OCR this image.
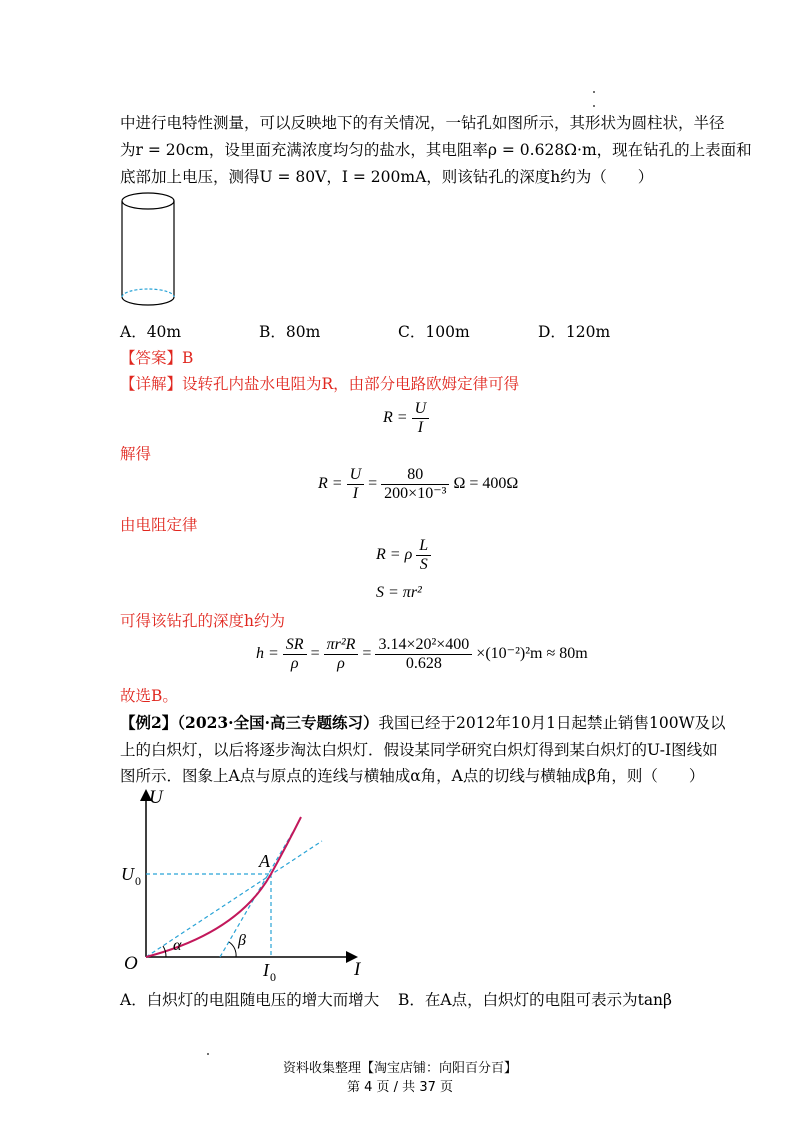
中进行电特性测量，可以反映地下的有关情况，一钻孔如图所示，其形状为圆柱状，半径
为r = 20cm，设里面充满浓度均匀的盐水，其电阻率ρ = 0.628Ω·m，现在钻孔的上表面和
底部加上电压，测得U = 80V，I = 200mA，则该钻孔的深度h约为（　　）
A．40m	B．80m	C．100m	D．120m
【答案】B
【详解】设转孔内盐水电阻为R，由部分电路欧姆定律可得
$R = \frac{U}{I}$
解得
$R = \frac{U}{I} = \frac{80}{\text{200×10⁻³}}$ Ω = 400Ω
由电阻定律
R = ρ $\frac{L}{S}$
S = πr²
可得该钻孔的深度h约为
$h = \frac{SR}{\rho} = \frac{\text{πr²R}}{\rho} = \frac{\text{3.14×20²×400}}{0.628} \times(10^{-2})^2m \approx 80m$
故选B。
【例2】（2023·全国·高三专题练习）我国已经于2012年10月1日起禁止销售100W及以
上的白炽灯，以后将逐步淘汰白炽灯．假设某同学研究白炽灯得到某白炽灯的U-I图线如
图所示．图象上A点与原点的连线与横轴成α角，A点的切线与横轴成β角，则（　　）
U
I
O
U 0
I 0
A
α	β
A．白炽灯的电阻随电压的增大而增大 B．在A点，白炽灯的电阻可表示为tanβ
资料收集整理【淘宝店铺：向阳百分百】
第 4 页 / 共 37 页
